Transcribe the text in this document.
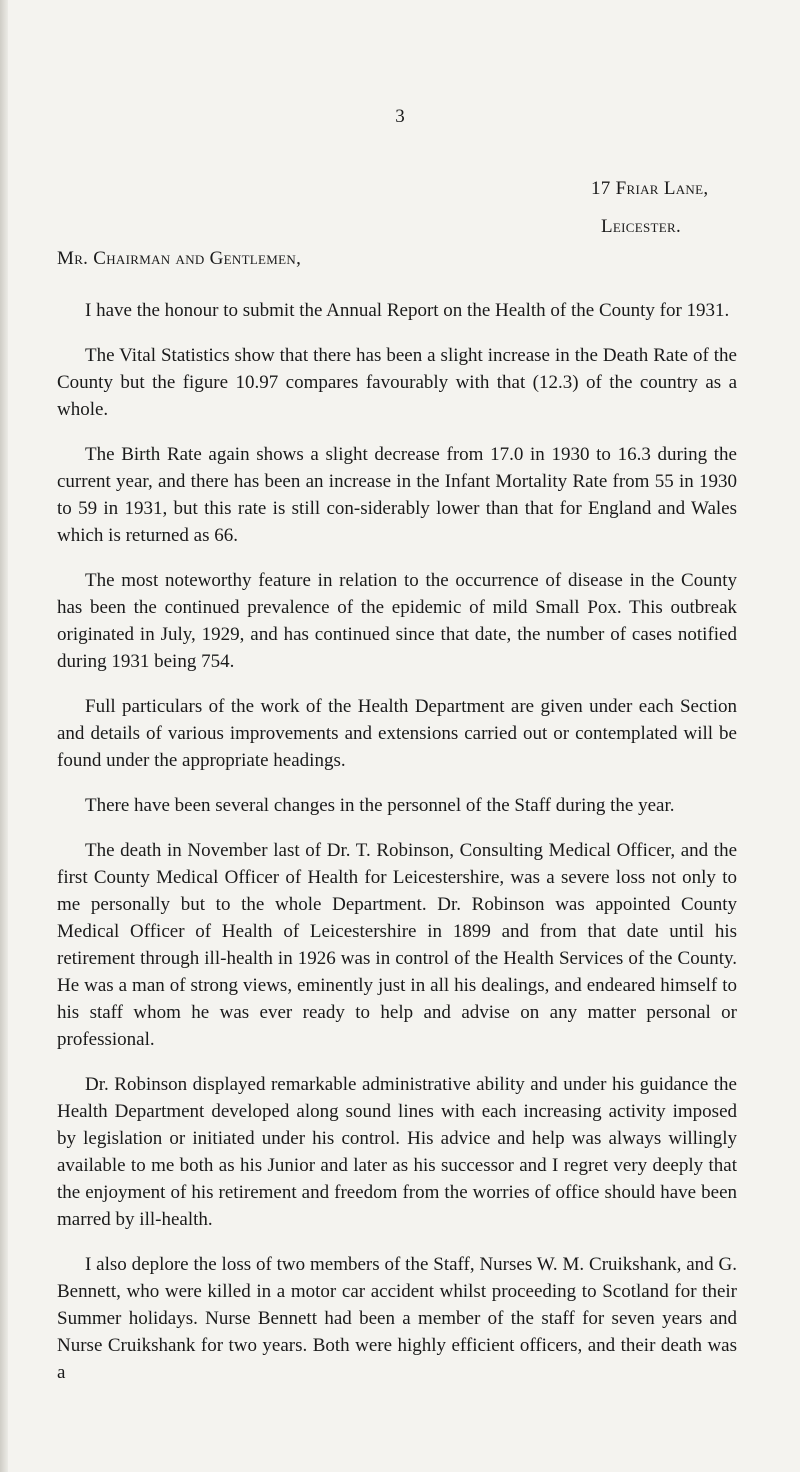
3
17 Friar Lane,
Leicester.
Mr. Chairman and Gentlemen,

I have the honour to submit the Annual Report on the Health of the County for 1931.

The Vital Statistics show that there has been a slight increase in the Death Rate of the County but the figure 10.97 compares favourably with that (12.3) of the country as a whole.

The Birth Rate again shows a slight decrease from 17.0 in 1930 to 16.3 during the current year, and there has been an increase in the Infant Mortality Rate from 55 in 1930 to 59 in 1931, but this rate is still con-siderably lower than that for England and Wales which is returned as 66.

The most noteworthy feature in relation to the occurrence of disease in the County has been the continued prevalence of the epidemic of mild Small Pox. This outbreak originated in July, 1929, and has continued since that date, the number of cases notified during 1931 being 754.

Full particulars of the work of the Health Department are given under each Section and details of various improvements and extensions carried out or contemplated will be found under the appropriate headings.

There have been several changes in the personnel of the Staff during the year.

The death in November last of Dr. T. Robinson, Consulting Medical Officer, and the first County Medical Officer of Health for Leicestershire, was a severe loss not only to me personally but to the whole Department. Dr. Robinson was appointed County Medical Officer of Health of Leicestershire in 1899 and from that date until his retirement through ill-health in 1926 was in control of the Health Services of the County. He was a man of strong views, eminently just in all his dealings, and endeared himself to his staff whom he was ever ready to help and advise on any matter personal or professional.

Dr. Robinson displayed remarkable administrative ability and under his guidance the Health Department developed along sound lines with each increasing activity imposed by legislation or initiated under his control. His advice and help was always willingly available to me both as his Junior and later as his successor and I regret very deeply that the enjoyment of his retirement and freedom from the worries of office should have been marred by ill-health.

I also deplore the loss of two members of the Staff, Nurses W. M. Cruikshank, and G. Bennett, who were killed in a motor car accident whilst proceeding to Scotland for their Summer holidays. Nurse Bennett had been a member of the staff for seven years and Nurse Cruikshank for two years. Both were highly efficient officers, and their death was a
